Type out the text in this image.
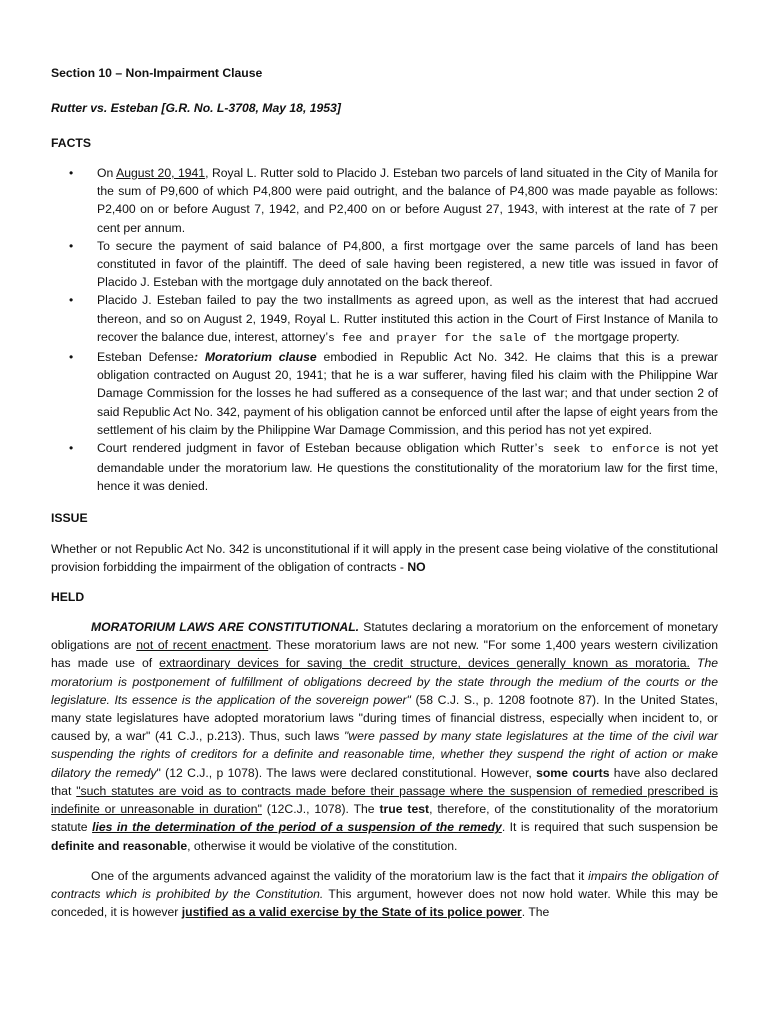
Section 10 – Non-Impairment Clause

Rutter vs. Esteban [G.R. No. L-3708, May 18, 1953]

FACTS

• On August 20, 1941, Royal L. Rutter sold to Placido J. Esteban two parcels of land situated in the City of Manila for the sum of P9,600 of which P4,800 were paid outright, and the balance of P4,800 was made payable as follows: P2,400 on or before August 7, 1942, and P2,400 on or before August 27, 1943, with interest at the rate of 7 per cent per annum.
• To secure the payment of said balance of P4,800, a first mortgage over the same parcels of land has been constituted in favor of the plaintiff. The deed of sale having been registered, a new title was issued in favor of Placido J. Esteban with the mortgage duly annotated on the back thereof.
• Placido J. Esteban failed to pay the two installments as agreed upon, as well as the interest that had accrued thereon, and so on August 2, 1949, Royal L. Rutter instituted this action in the Court of First Instance of Manila to recover the balance due, interest, attorney’s fee and prayer for the sale of the mortgage property.
• Esteban Defense: Moratorium clause embodied in Republic Act No. 342. He claims that this is a prewar obligation contracted on August 20, 1941; that he is a war sufferer, having filed his claim with the Philippine War Damage Commission for the losses he had suffered as a consequence of the last war; and that under section 2 of said Republic Act No. 342, payment of his obligation cannot be enforced until after the lapse of eight years from the settlement of his claim by the Philippine War Damage Commission, and this period has not yet expired.
• Court rendered judgment in favor of Esteban because obligation which Rutter’s seek to enforce is not yet demandable under the moratorium law. He questions the constitutionality of the moratorium law for the first time, hence it was denied.

ISSUE

Whether or not Republic Act No. 342 is unconstitutional if it will apply in the present case being violative of the constitutional provision forbidding the impairment of the obligation of contracts - NO

HELD

MORATORIUM LAWS ARE CONSTITUTIONAL. Statutes declaring a moratorium on the enforcement of monetary obligations are not of recent enactment. These moratorium laws are not new. "For some 1,400 years western civilization has made use of extraordinary devices for saving the credit structure, devices generally known as moratoria. The moratorium is postponement of fulfillment of obligations decreed by the state through the medium of the courts or the legislature. Its essence is the application of the sovereign power" (58 C.J. S., p. 1208 footnote 87). In the United States, many state legislatures have adopted moratorium laws "during times of financial distress, especially when incident to, or caused by, a war" (41 C.J., p.213). Thus, such laws "were passed by many state legislatures at the time of the civil war suspending the rights of creditors for a definite and reasonable time, whether they suspend the right of action or make dilatory the remedy" (12 C.J., p 1078). The laws were declared constitutional. However, some courts have also declared that "such statutes are void as to contracts made before their passage where the suspension of remedied prescribed is indefinite or unreasonable in duration" (12C.J., 1078). The true test, therefore, of the constitutionality of the moratorium statute lies in the determination of the period of a suspension of the remedy. It is required that such suspension be definite and reasonable, otherwise it would be violative of the constitution.

One of the arguments advanced against the validity of the moratorium law is the fact that it impairs the obligation of contracts which is prohibited by the Constitution. This argument, however does not now hold water. While this may be conceded, it is however justified as a valid exercise by the State of its police power. The
